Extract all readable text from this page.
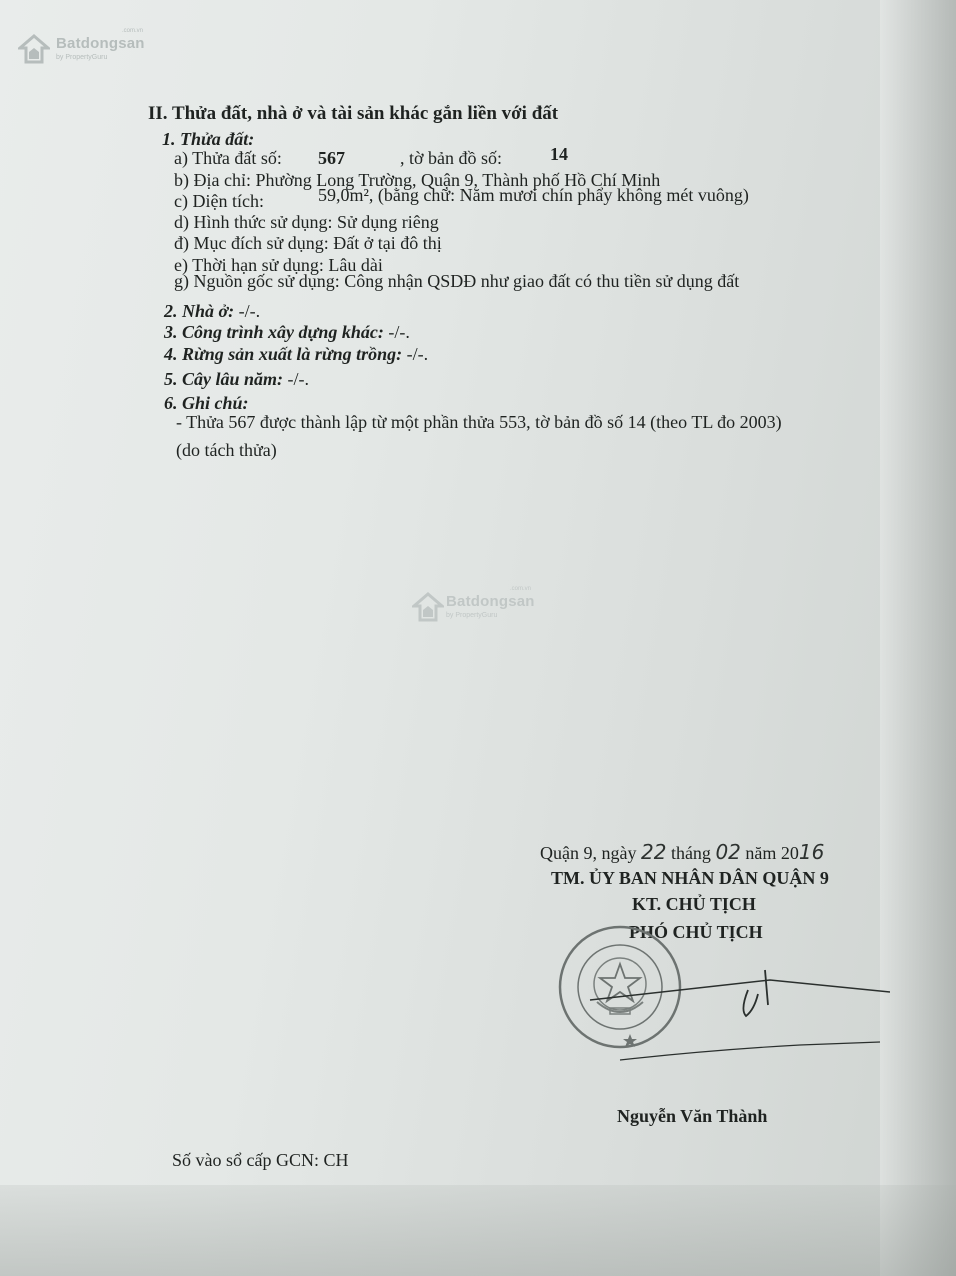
Batdongsan
by PropertyGuru
.com.vn
Batdongsan
by PropertyGuru
.com.vn
II. Thửa đất, nhà ở và tài sản khác gắn liền với đất
1. Thửa đất:
a) Thửa đất số: 567	, tờ bản đồ số:	14
b) Địa chỉ: Phường Long Trường, Quận 9, Thành phố Hồ Chí Minh
c) Diện tích:	59,0m², (bằng chữ: Năm mươi chín phẩy không mét vuông)
d) Hình thức sử dụng: Sử dụng riêng
đ) Mục đích sử dụng: Đất ở tại đô thị
e) Thời hạn sử dụng: Lâu dài
g) Nguồn gốc sử dụng: Công nhận QSDĐ như giao đất có thu tiền sử dụng đất
2. Nhà ở: -/-.
3. Công trình xây dựng khác: -/-.
4. Rừng sản xuất là rừng trồng: -/-.
5. Cây lâu năm: -/-.
6. Ghi chú:
- Thửa 567 được thành lập từ một phần thửa 553, tờ bản đồ số 14 (theo TL đo 2003)
(do tách thửa)
Quận 9, ngày 22 tháng 02 năm 2016
TM. ỦY BAN NHÂN DÂN QUẬN 9
KT. CHỦ TỊCH
PHÓ CHỦ TỊCH
Nguyễn Văn Thành
Số vào sổ cấp GCN: CH
